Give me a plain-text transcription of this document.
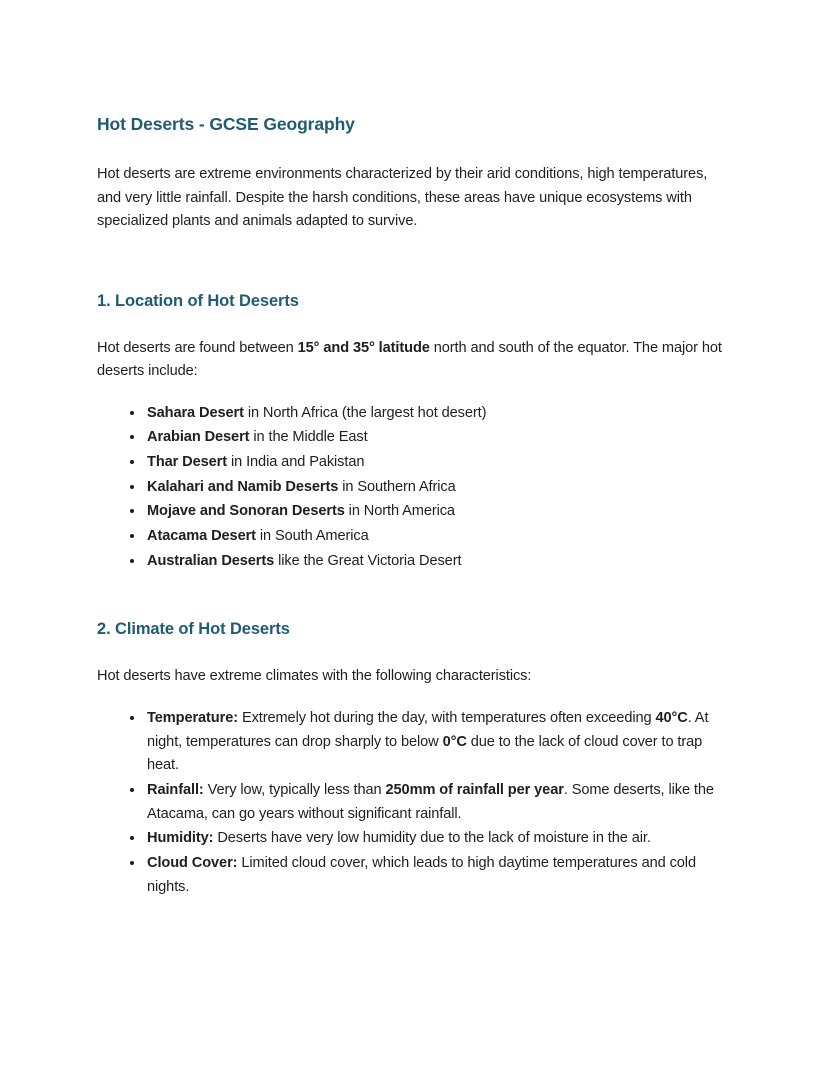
Hot Deserts - GCSE Geography

Hot deserts are extreme environments characterized by their arid conditions, high temperatures, and very little rainfall. Despite the harsh conditions, these areas have unique ecosystems with specialized plants and animals adapted to survive.

1. Location of Hot Deserts

Hot deserts are found between 15° and 35° latitude north and south of the equator. The major hot deserts include:

• Sahara Desert in North Africa (the largest hot desert)
• Arabian Desert in the Middle East
• Thar Desert in India and Pakistan
• Kalahari and Namib Deserts in Southern Africa
• Mojave and Sonoran Deserts in North America
• Atacama Desert in South America
• Australian Deserts like the Great Victoria Desert
2. Climate of Hot Deserts

Hot deserts have extreme climates with the following characteristics:

• Temperature: Extremely hot during the day, with temperatures often exceeding 40°C. At night, temperatures can drop sharply to below 0°C due to the lack of cloud cover to trap heat.
• Rainfall: Very low, typically less than 250mm of rainfall per year. Some deserts, like the Atacama, can go years without significant rainfall.
• Humidity: Deserts have very low humidity due to the lack of moisture in the air.
• Cloud Cover: Limited cloud cover, which leads to high daytime temperatures and cold nights.
